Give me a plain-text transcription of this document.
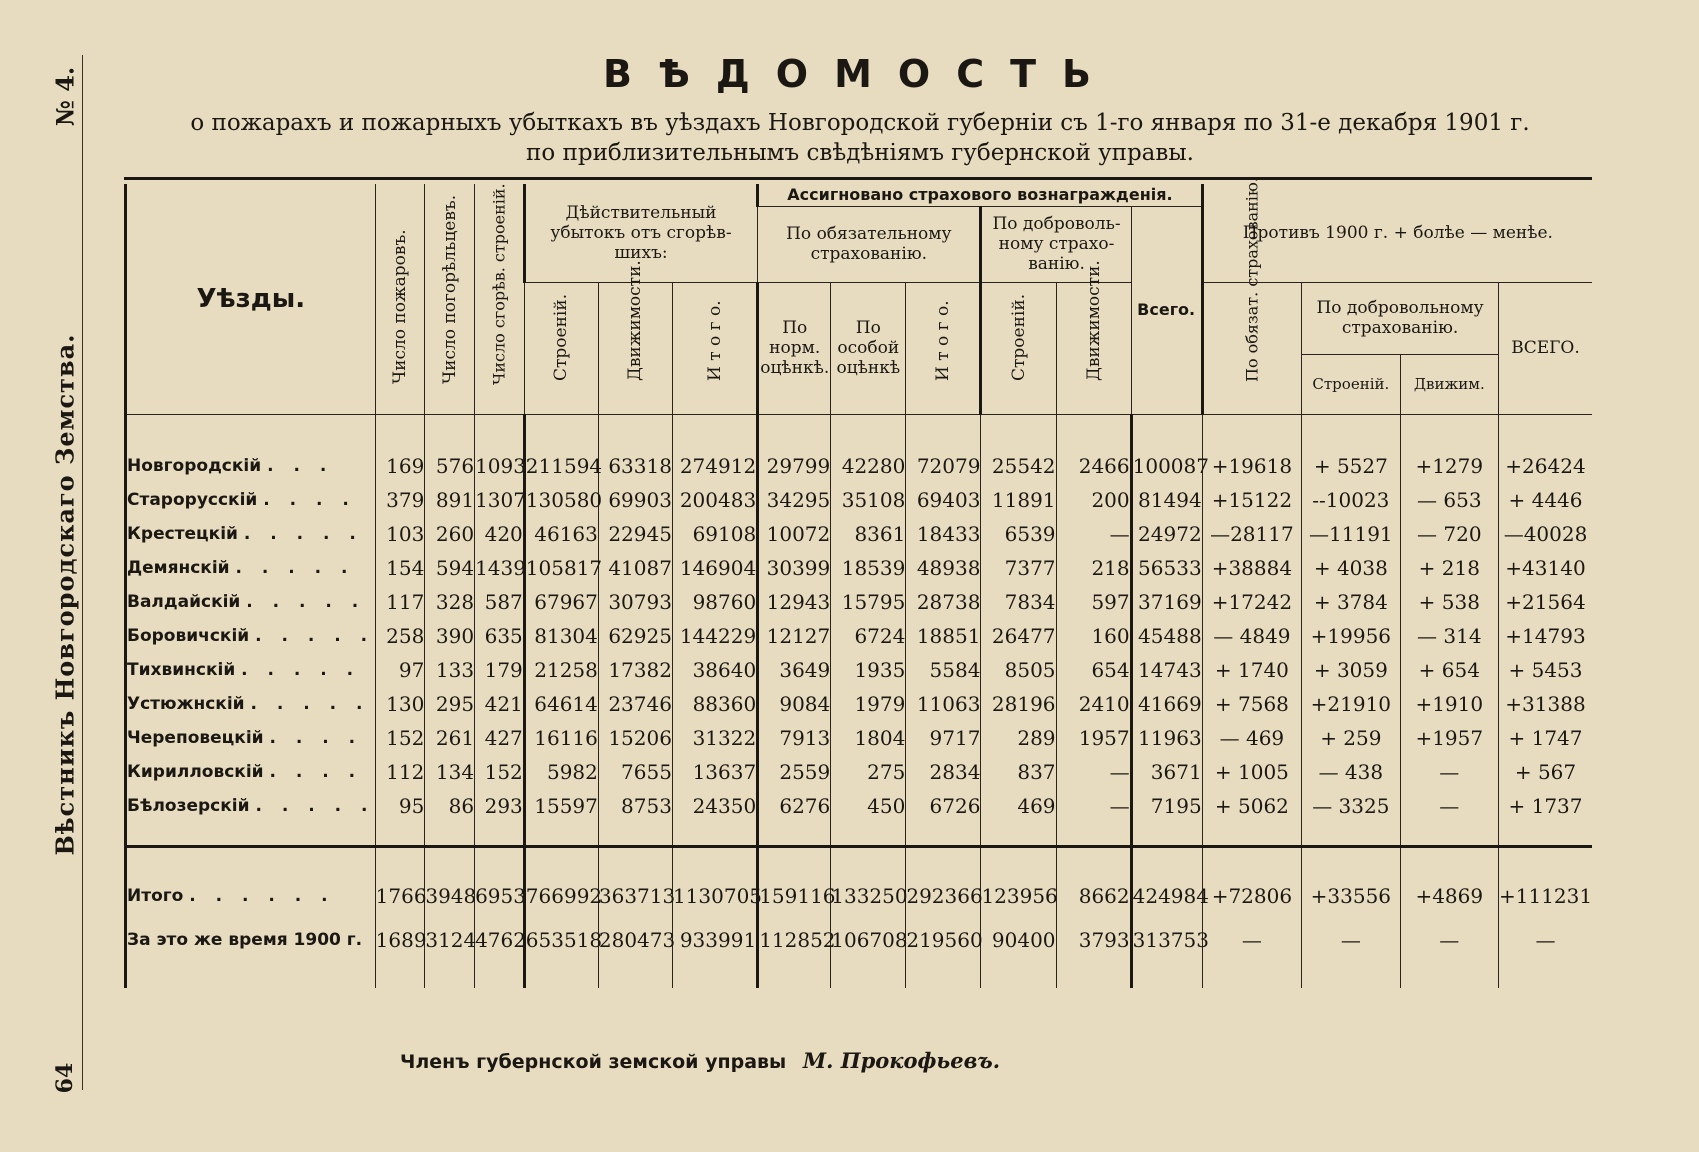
№ 4.
Вѣстникъ Новгородскаго Земства.
64
ВѢДОМОСТЬ
о пожарахъ и пожарныхъ убыткахъ въ уѣздахъ Новгородской губерніи съ 1-го января по 31-е декабря 1901 г.
по приблизительнымъ свѣдѣніямъ губернской управы.
Уѣзды.	Число пожаровъ.	Число погорѣльцевъ.	Число сгорѣв. строеній.	Дѣйствительный убытокъ отъ сгорѣв-шихъ:			Ассигновано страхового вознагражденія.						Противъ 1900 г. + болѣе — менѣе.			
							По обязательному страхованію.			По доброволь-ному страхо-ванію.		Всего.				

				Строеній.	Движимости.	И т о г о.	По норм. оцѣнкѣ.	По особой оцѣнкѣ	И т о г о.	Строеній.	Движимости.		По обязат. страхованію.	По добровольному страхованію.		ВСЕГО.
														Строеній.	Движим.	

Новгородскій . . .	169	576	1093	211594	63318	274912	29799	42280	72079	25542	2466	100087	+19618	+ 5527	+1279	+26424
Старорусскій . . . .	379	891	1307	130580	69903	200483	34295	35108	69403	11891	200	81494	+15122	--10023	— 653	+ 4446
Крестецкій . . . . .	103	260	420	46163	22945	69108	10072	8361	18433	6539	—	24972	—28117	—11191	— 720	—40028
Демянскій . . . . .	154	594	1439	105817	41087	146904	30399	18539	48938	7377	218	56533	+38884	+ 4038	+ 218	+43140
Валдайскій . . . . .	117	328	587	67967	30793	98760	12943	15795	28738	7834	597	37169	+17242	+ 3784	+ 538	+21564
Боровичскій . . . . .	258	390	635	81304	62925	144229	12127	6724	18851	26477	160	45488	— 4849	+19956	— 314	+14793
Тихвинскій . . . . .	97	133	179	21258	17382	38640	3649	1935	5584	8505	654	14743	+ 1740	+ 3059	+ 654	+ 5453
Устюжнскій . . . . .	130	295	421	64614	23746	88360	9084	1979	11063	28196	2410	41669	+ 7568	+21910	+1910	+31388
Череповецкій . . . .	152	261	427	16116	15206	31322	7913	1804	9717	289	1957	11963	— 469	+ 259	+1957	+ 1747
Кирилловскій . . . .	112	134	152	5982	7655	13637	2559	275	2834	837	—	3671	+ 1005	— 438	—	+ 567
Бѣлозерскій . . . . .	95	86	293	15597	8753	24350	6276	450	6726	469	—	7195	+ 5062	— 3325	—	+ 1737

Итого . . . . . .	1766	3948	6953	766992	363713	1130705	159116	133250	292366	123956	8662	424984	+72806	+33556	+4869	+111231
За это же время 1900 г.	1689	3124	4762	653518	280473	933991	112852	106708	219560	90400	3793	313753	—	—	—	—

Членъ губернской земской управы М. Прокофьевъ.
